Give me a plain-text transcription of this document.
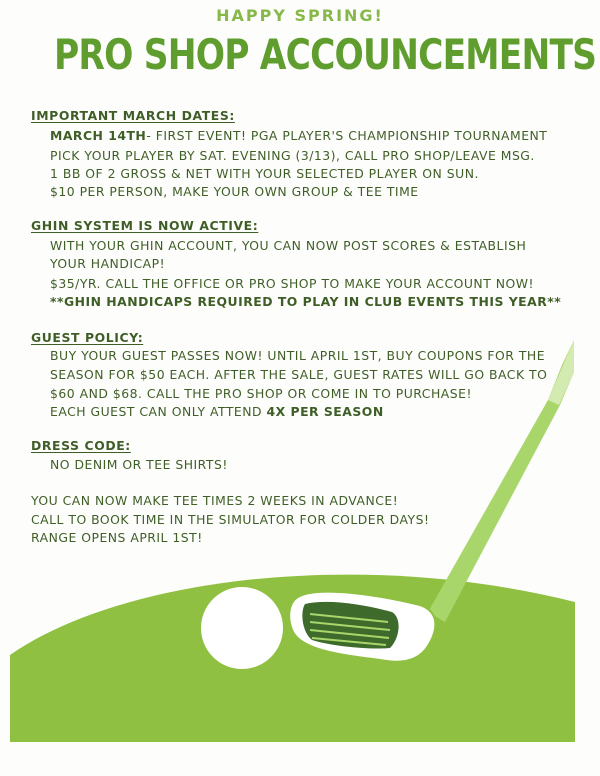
HAPPY SPRING!
PRO SHOP ACCOUNCEMENTS
IMPORTANT MARCH DATES:
MARCH 14TH- FIRST EVENT! PGA PLAYER'S CHAMPIONSHIP TOURNAMENT
PICK YOUR PLAYER BY SAT. EVENING (3/13), CALL PRO SHOP/LEAVE MSG.
1 BB OF 2 GROSS & NET WITH YOUR SELECTED PLAYER ON SUN.
$10 PER PERSON, MAKE YOUR OWN GROUP & TEE TIME
GHIN SYSTEM IS NOW ACTIVE:
WITH YOUR GHIN ACCOUNT, YOU CAN NOW POST SCORES & ESTABLISH
YOUR HANDICAP!
$35/YR. CALL THE OFFICE OR PRO SHOP TO MAKE YOUR ACCOUNT NOW!
**GHIN HANDICAPS REQUIRED TO PLAY IN CLUB EVENTS THIS YEAR**
GUEST POLICY:
BUY YOUR GUEST PASSES NOW! UNTIL APRIL 1ST, BUY COUPONS FOR THE
SEASON FOR $50 EACH. AFTER THE SALE, GUEST RATES WILL GO BACK TO
$60 AND $68. CALL THE PRO SHOP OR COME IN TO PURCHASE!
EACH GUEST CAN ONLY ATTEND 4X PER SEASON
DRESS CODE:
NO DENIM OR TEE SHIRTS!
YOU CAN NOW MAKE TEE TIMES 2 WEEKS IN ADVANCE!
CALL TO BOOK TIME IN THE SIMULATOR FOR COLDER DAYS!
RANGE OPENS APRIL 1ST!
